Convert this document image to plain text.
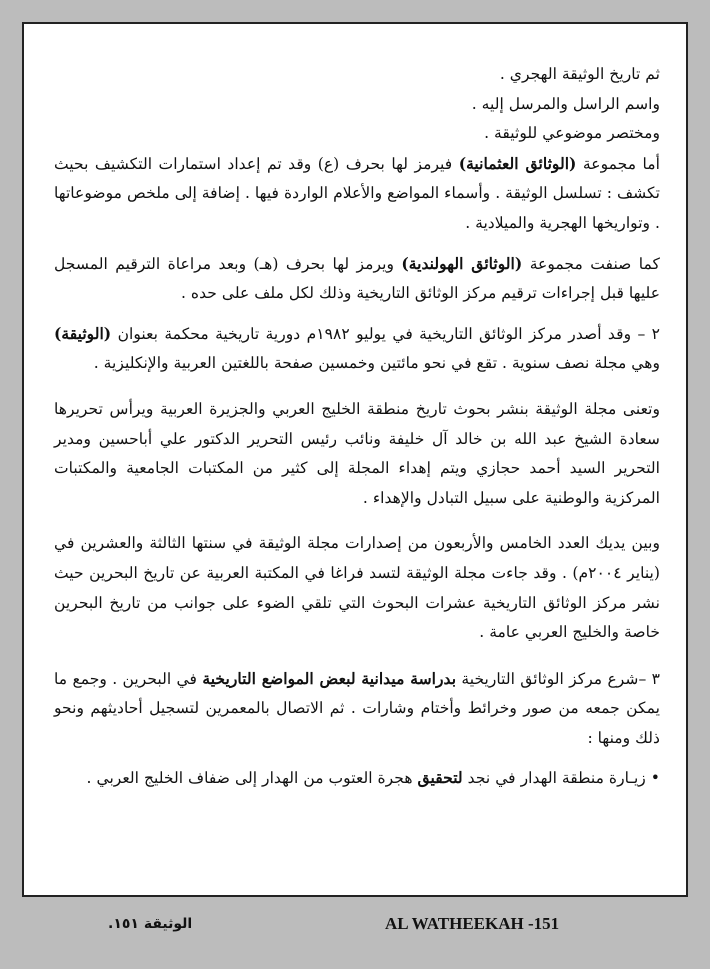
ثم تاريخ الوثيقة الهجري .

واسم الراسل والمرسل إليه .

ومختصر موضوعي للوثيقة .

أما مجموعة (الوثائق العثمانية) فيرمز لها بحرف (ع) وقد تم إعداد استمارات التكشيف بحيث تكشف : تسلسل الوثيقة . وأسماء المواضع والأعلام الواردة فيها . إضافة إلى ملخص موضوعاتها . وتواريخها الهجرية والميلادية .

كما صنفت مجموعة (الوثائق الهولندية) ويرمز لها بحرف (هـ) وبعد مراعاة الترقيم المسجل عليها قبل إجراءات ترقيم مركز الوثائق التاريخية وذلك لكل ملف على حده .

٢ – وقد أصدر مركز الوثائق التاريخية في يوليو ١٩٨٢م دورية تاريخية محكمة بعنوان (الوثيقة) وهي مجلة نصف سنوية . تقع في نحو مائتين وخمسين صفحة باللغتين العربية والإنكليزية .

وتعنى مجلة الوثيقة بنشر بحوث تاريخ منطقة الخليج العربي والجزيرة العربية ويرأس تحريرها سعادة الشيخ عبد الله بن خالد آل خليفة ونائب رئيس التحرير الدكتور علي أباحسين ومدير التحرير السيد أحمد حجازي ويتم إهداء المجلة إلى كثير من المكتبات الجامعية والمكتبات المركزية والوطنية على سبيل التبادل والإهداء .

وبين يديك العدد الخامس والأربعون من إصدارات مجلة الوثيقة في سنتها الثالثة والعشرين في (يناير ٢٠٠٤م) . وقد جاءت مجلة الوثيقة لتسد فراغا في المكتبة العربية عن تاريخ البحرين حيث نشر مركز الوثائق التاريخية عشرات البحوث التي تلقي الضوء على جوانب من تاريخ البحرين خاصة والخليج العربي عامة .

٣ –شرع مركز الوثائق التاريخية بدراسة ميدانية لبعض المواضع التاريخية في البحرين . وجمع ما يمكن جمعه من صور وخرائط وأختام وشارات . ثم الاتصال بالمعمرين لتسجيل أحاديثهم ونحو ذلك ومنها :

• زيـارة منطقة الهدار في نجد لتحقيق هجرة العتوب من الهدار إلى ضفاف الخليج العربي .

AL WATHEEKAH -151
الوثيقة ١٥١.
